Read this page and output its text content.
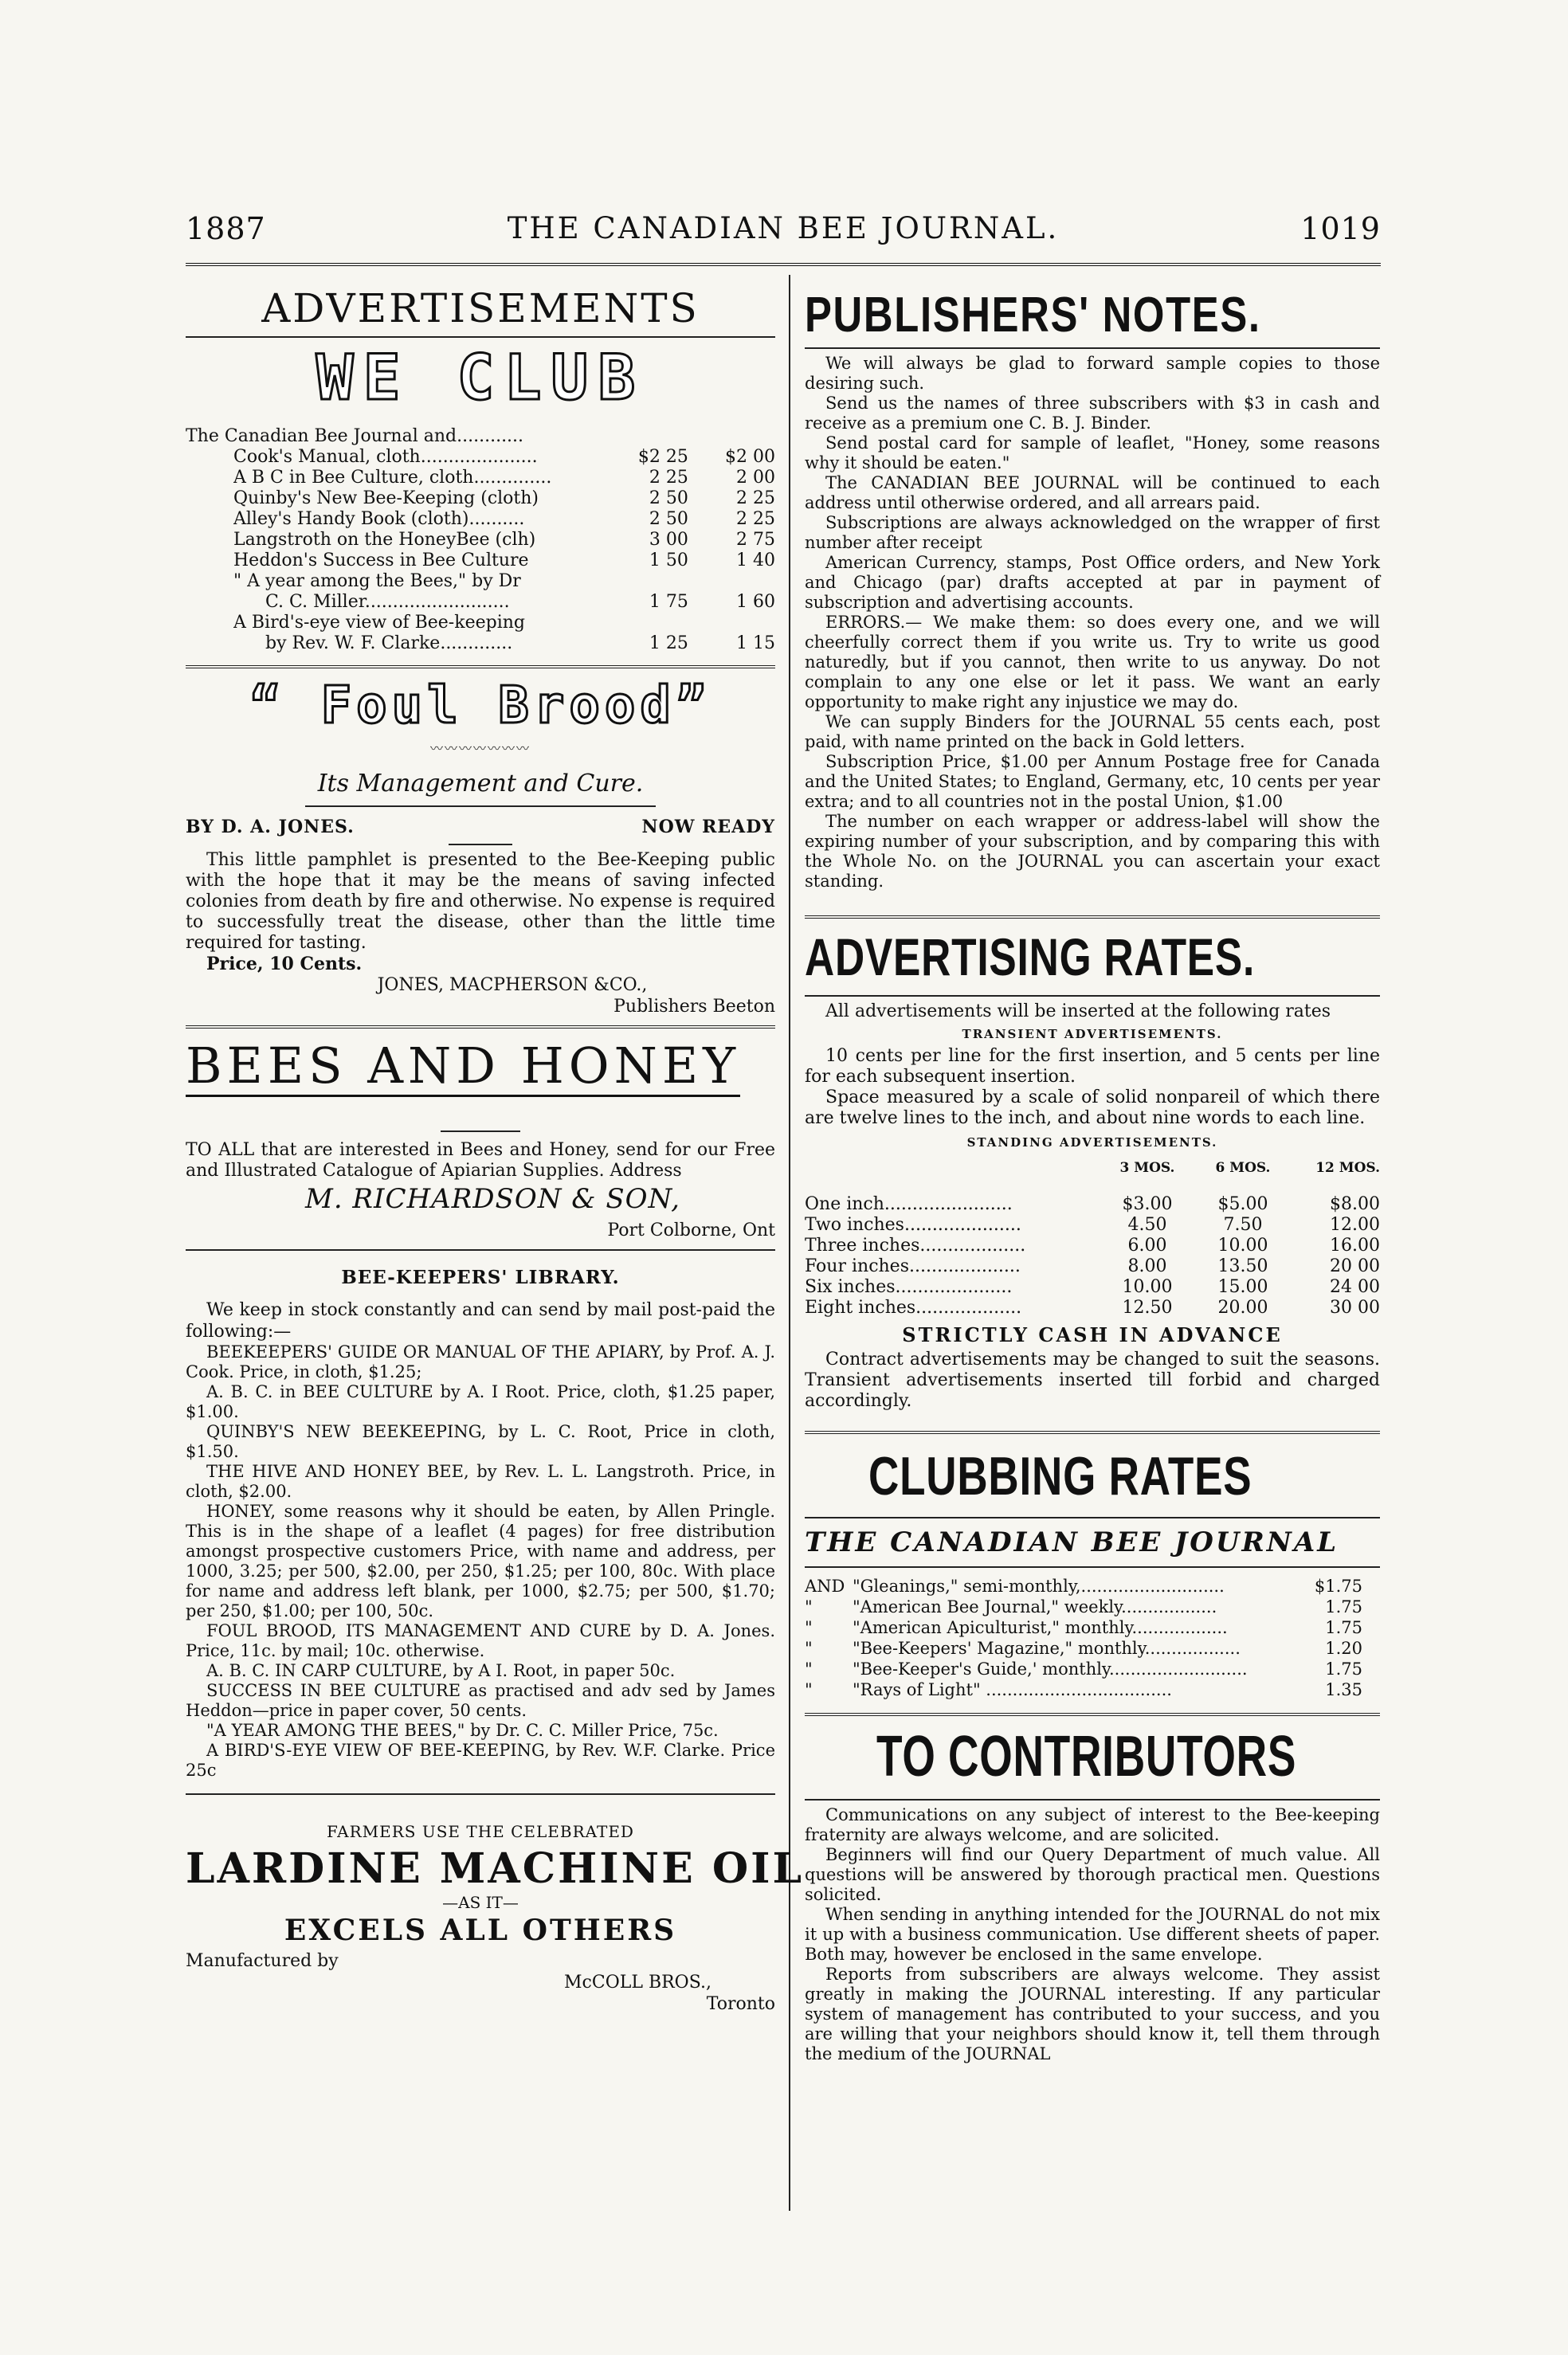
1887	THE CANADIAN BEE JOURNAL.	1019
ADVERTISEMENTS
WE CLUB

The Canadian Bee Journal and............

Cook's Manual, cloth.....................	$2 25	$2 00
A B C in Bee Culture, cloth..............	2 25	2 00
Quinby's New Bee-Keeping (cloth)	2 50	2 25
Alley's Handy Book (cloth)..........	2 50	2 25
Langstroth on the HoneyBee (clh)	3 00	2 75
Heddon's Success in Bee Culture	1 50	1 40
" A year among the Bees," by Dr		
C. C. Miller..........................	1 75	1 60
A Bird's-eye view of Bee-keeping		
by Rev. W. F. Clarke.............	1 25	1 15
“ Foul Brood”
〰〰〰〰〰〰〰
Its Management and Cure.
BY D. A. JONES.	NOW READY

This little pamphlet is presented to the Bee-Keeping public with the hope that it may be the means of saving infected colonies from death by fire and otherwise. No expense is required to successfully treat the disease, other than the little time required for tasting.

Price, 10 Cents.

JONES, MACPHERSON &CO.,

Publishers Beeton

BEES AND HONEY

TO ALL that are interested in Bees and Honey, send for our Free and Illustrated Catalogue of Apiarian Supplies. Address

M. RICHARDSON & SON,

Port Colborne, Ont

BEE-KEEPERS' LIBRARY.

We keep in stock constantly and can send by mail post-paid the following:—

BEEKEEPERS' GUIDE OR MANUAL OF THE APIARY, by Prof. A. J. Cook. Price, in cloth, $1.25;

A. B. C. in BEE CULTURE by A. I Root. Price, cloth, $1.25 paper, $1.00.

QUINBY'S NEW BEEKEEPING, by L. C. Root, Price in cloth, $1.50.

THE HIVE AND HONEY BEE, by Rev. L. L. Langstroth. Price, in cloth, $2.00.

HONEY, some reasons why it should be eaten, by Allen Pringle. This is in the shape of a leaflet (4 pages) for free distribution amongst prospective customers Price, with name and address, per 1000, 3.25; per 500, $2.00, per 250, $1.25; per 100, 80c. With place for name and address left blank, per 1000, $2.75; per 500, $1.70; per 250, $1.00; per 100, 50c.

FOUL BROOD, ITS MANAGEMENT AND CURE by D. A. Jones. Price, 11c. by mail; 10c. otherwise.

A. B. C. IN CARP CULTURE, by A I. Root, in paper 50c.

SUCCESS IN BEE CULTURE as practised and adv sed by James Heddon—price in paper cover, 50 cents.

"A YEAR AMONG THE BEES," by Dr. C. C. Miller Price, 75c.

A BIRD'S-EYE VIEW OF BEE-KEEPING, by Rev. W.F. Clarke. Price 25c

FARMERS USE THE CELEBRATED
LARDINE MACHINE OIL
—AS IT—
EXCELS ALL OTHERS

Manufactured by

McCOLL BROS.,

Toronto

PUBLISHERS' NOTES.

We will always be glad to forward sample copies to those desiring such.

Send us the names of three subscribers with $3 in cash and receive as a premium one C. B. J. Binder.

Send postal card for sample of leaflet, "Honey, some reasons why it should be eaten."

The CANADIAN BEE JOURNAL will be continued to each address until otherwise ordered, and all arrears paid.

Subscriptions are always acknowledged on the wrapper of first number after receipt

American Currency, stamps, Post Office orders, and New York and Chicago (par) drafts accepted at par in payment of subscription and advertising accounts.

ERRORS.— We make them: so does every one, and we will cheerfully correct them if you write us. Try to write us good naturedly, but if you cannot, then write to us anyway. Do not complain to any one else or let it pass. We want an early opportunity to make right any injustice we may do.

We can supply Binders for the JOURNAL 55 cents each, post paid, with name printed on the back in Gold letters.

Subscription Price, $1.00 per Annum Postage free for Canada and the United States; to England, Germany, etc, 10 cents per year extra; and to all countries not in the postal Union, $1.00

The number on each wrapper or address-label will show the expiring number of your subscription, and by comparing this with the Whole No. on the JOURNAL you can ascertain your exact standing.

ADVERTISING RATES.

All advertisements will be inserted at the following rates

TRANSIENT ADVERTISEMENTS.

10 cents per line for the first insertion, and 5 cents per line for each subsequent insertion.

Space measured by a scale of solid nonpareil of which there are twelve lines to the inch, and about nine words to each line.

STANDING ADVERTISEMENTS.
	3 MOS.	6 MOS.	12 MOS.

One inch.......................	$3.00	$5.00	$8.00
Two inches.....................	4.50	7.50	12.00
Three inches...................	6.00	10.00	16.00
Four inches....................	8.00	13.50	20 00
Six inches.....................	10.00	15.00	24 00
Eight inches...................	12.50	20.00	30 00
STRICTLY CASH IN ADVANCE

Contract advertisements may be changed to suit the seasons. Transient advertisements inserted till forbid and charged accordingly.

CLUBBING RATES
THE CANADIAN BEE JOURNAL
AND	"Gleanings," semi-monthly,...........................	$1.75
"	"American Bee Journal," weekly..................	1.75
"	"American Apiculturist," monthly..................	1.75
"	"Bee-Keepers' Magazine," monthly..................	1.20
"	"Bee-Keeper's Guide,' monthly..........................	1.75
"	"Rays of Light" ...................................	1.35
TO CONTRIBUTORS

Communications on any subject of interest to the Bee-keeping fraternity are always welcome, and are solicited.

Beginners will find our Query Department of much value. All questions will be answered by thorough practical men. Questions solicited.

When sending in anything intended for the JOURNAL do not mix it up with a business communication. Use different sheets of paper. Both may, however be enclosed in the same envelope.

Reports from subscribers are always welcome. They assist greatly in making the JOURNAL interesting. If any particular system of management has contributed to your success, and you are willing that your neighbors should know it, tell them through the medium of the JOURNAL
